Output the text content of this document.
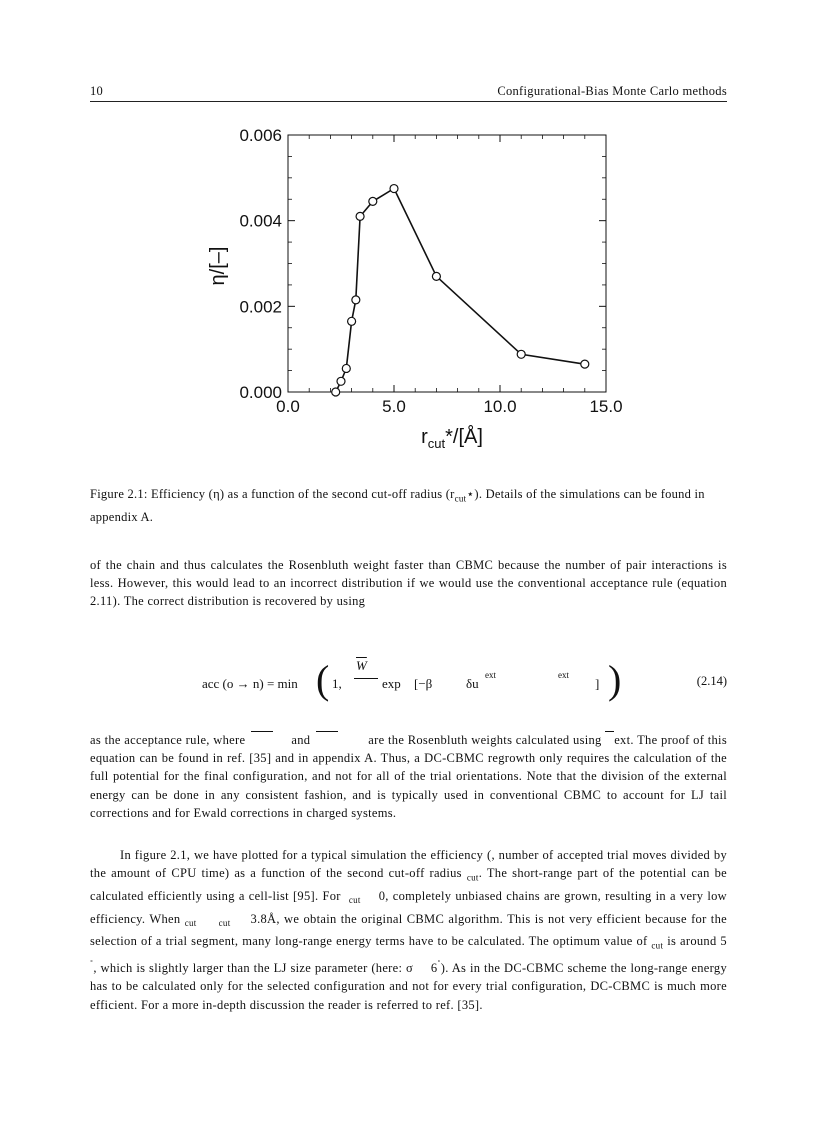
10	Configurational-Bias Monte Carlo methods
0.0	5.0	10.0	15.0
0.000
0.002
0.004
0.006
η/[–]
$r_{cut}*/[Å]$
Figure 2.1: Efficiency (η) as a function of the second cut-off radius $(r_{cut}⋆)$. Details of the simulations can be found in appendix A.
of the chain and thus calculates the Rosenbluth weight faster than CBMC because the number of pair interactions is less. However, this would lead to an incorrect distribution if we would use the conventional acceptance rule (equation 2.11). The correct distribution is recovered by using
acc (o → n) = min ( 1,
$\overline{W}$
exp [−β	δu
ext	ext
] )	(2.14)
as the acceptance rule, where	and	are the Rosenbluth weights calculated using ext. The proof of this equation can be found in ref. [35] and in appendix A. Thus, a DC-CBMC regrowth only requires the calculation of the full potential for the final configuration, and not for all of the trial orientations. Note that the division of the external energy can be done in any consistent fashion, and is typically used in conventional CBMC to account for LJ tail corrections and for Ewald corrections in charged systems.
In figure 2.1, we have plotted for a typical simulation the efficiency (, number of accepted trial moves divided by the amount of CPU time) as a function of the second cut-off radius $_{cut}$. The short-range part of the potential can be calculated efficiently using a cell-list [95]. For $_{cut}$ 0, completely unbiased chains are grown, resulting in a very low efficiency. When $_{cut}$ $_{cut}$ 3.8Å, we obtain the original CBMC algorithm. This is not very efficient because for the selection of a trial segment, many long-range energy terms have to be calculated. The optimum value of $_{cut}$ is around 5 ˚, which is slightly larger than the LJ size parameter (here: σ 6˚). As in the DC-CBMC scheme the long-range energy has to be calculated only for the selected configuration and not for every trial configuration, DC-CBMC is much more efficient. For a more in-depth discussion the reader is referred to ref. [35].
